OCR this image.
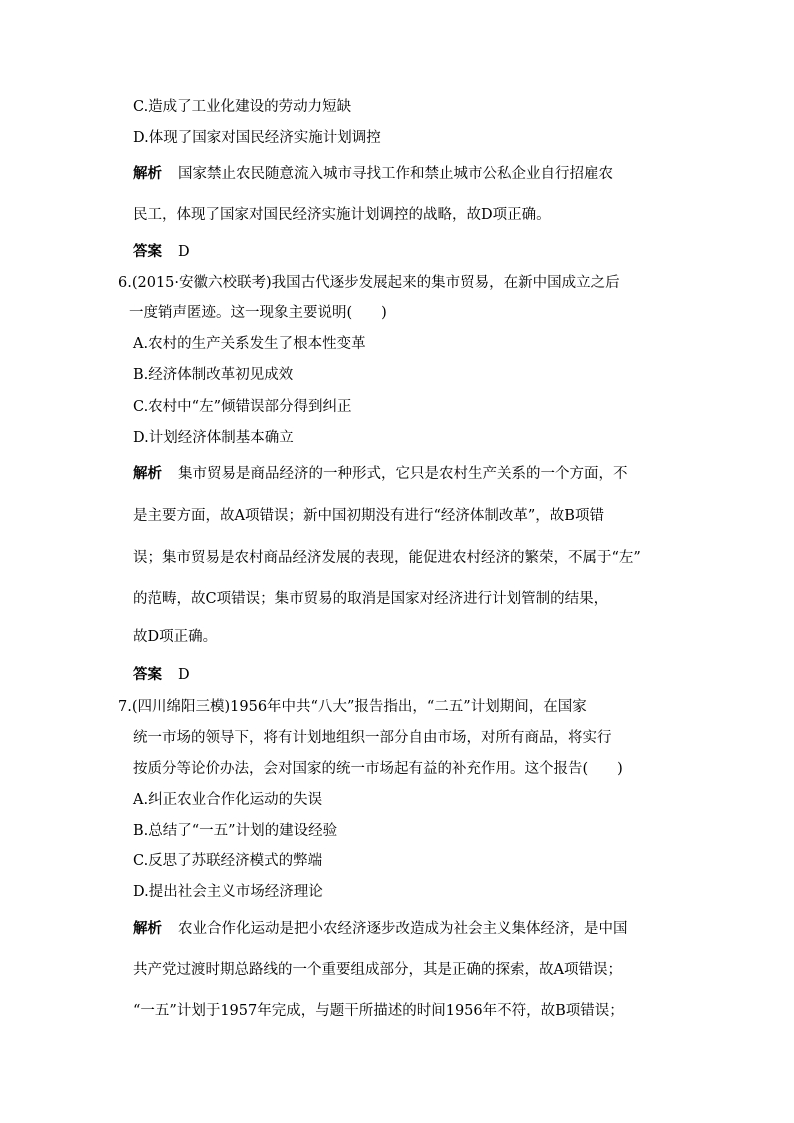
C.造成了工业化建设的劳动力短缺
D.体现了国家对国民经济实施计划调控
解析 国家禁止农民随意流入城市寻找工作和禁止城市公私企业自行招雇农
民工，体现了国家对国民经济实施计划调控的战略，故D项正确。
答案 D
6.(2015·安徽六校联考)我国古代逐步发展起来的集市贸易，在新中国成立之后
一度销声匿迹。这一现象主要说明(　　)
A.农村的生产关系发生了根本性变革
B.经济体制改革初见成效
C.农村中“左”倾错误部分得到纠正
D.计划经济体制基本确立
解析 集市贸易是商品经济的一种形式，它只是农村生产关系的一个方面，不
是主要方面，故A项错误；新中国初期没有进行“经济体制改革”，故B项错
误；集市贸易是农村商品经济发展的表现，能促进农村经济的繁荣，不属于“左”
的范畴，故C项错误；集市贸易的取消是国家对经济进行计划管制的结果，
故D项正确。
答案 D
7.(四川绵阳三模)1956年中共“八大”报告指出，“二五”计划期间，在国家
统一市场的领导下，将有计划地组织一部分自由市场，对所有商品，将实行
按质分等论价办法，会对国家的统一市场起有益的补充作用。这个报告(　　)
A.纠正农业合作化运动的失误
B.总结了“一五”计划的建设经验
C.反思了苏联经济模式的弊端
D.提出社会主义市场经济理论
解析 农业合作化运动是把小农经济逐步改造成为社会主义集体经济，是中国
共产党过渡时期总路线的一个重要组成部分，其是正确的探索，故A项错误；
“一五”计划于1957年完成，与题干所描述的时间1956年不符，故B项错误；
